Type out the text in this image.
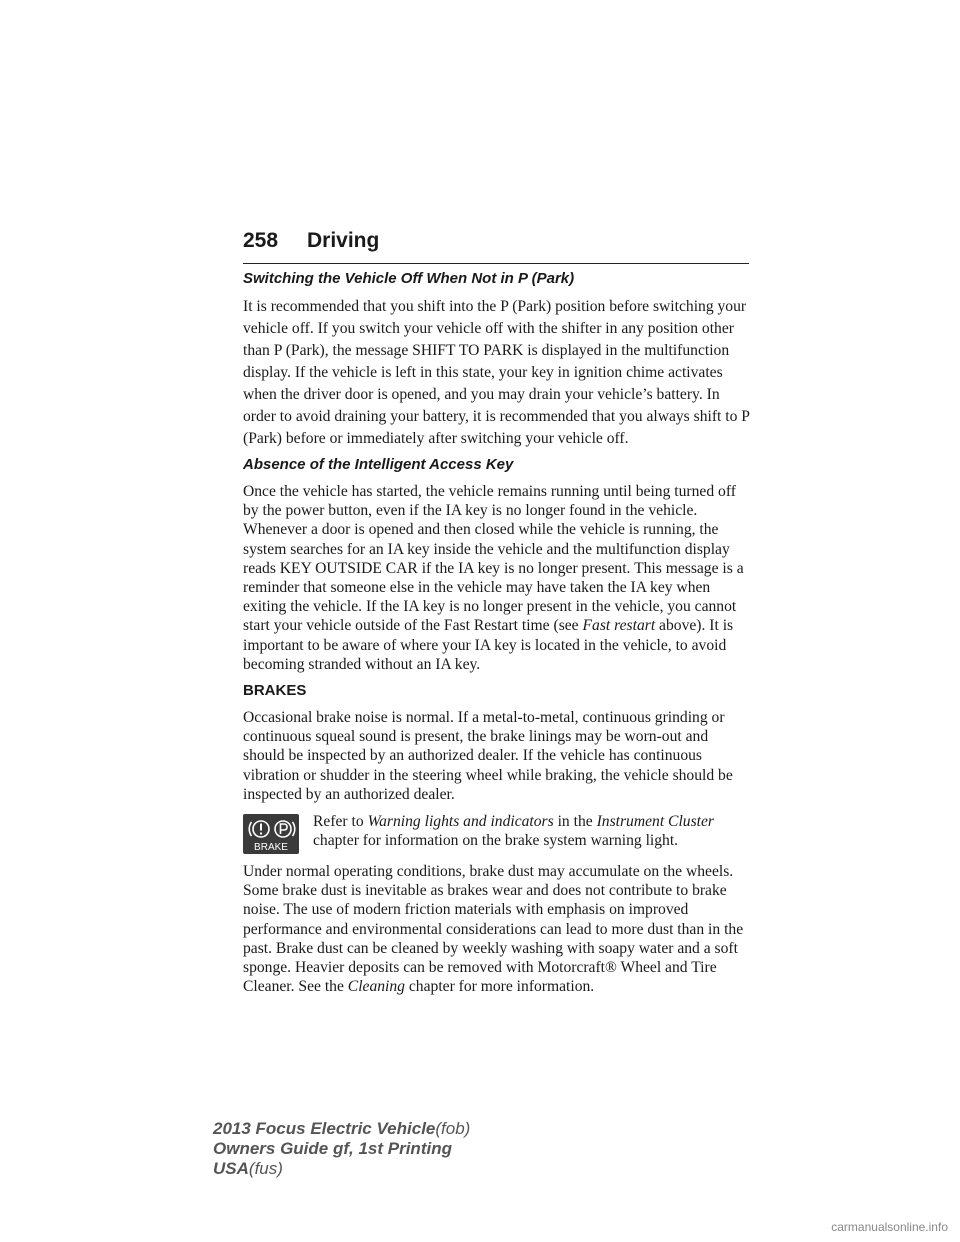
258 Driving
Switching the Vehicle Off When Not in P (Park)

It is recommended that you shift into the P (Park) position before switching your vehicle off. If you switch your vehicle off with the shifter in any position other than P (Park), the message SHIFT TO PARK is displayed in the multifunction display. If the vehicle is left in this state, your key in ignition chime activates when the driver door is opened, and you may drain your vehicle’s battery. In order to avoid draining your battery, it is recommended that you always shift to P (Park) before or immediately after switching your vehicle off.

Absence of the Intelligent Access Key

Once the vehicle has started, the vehicle remains running until being turned off by the power button, even if the IA key is no longer found in the vehicle. Whenever a door is opened and then closed while the vehicle is running, the system searches for an IA key inside the vehicle and the multifunction display reads KEY OUTSIDE CAR if the IA key is no longer present. This message is a reminder that someone else in the vehicle may have taken the IA key when exiting the vehicle. If the IA key is no longer present in the vehicle, you cannot start your vehicle outside of the Fast Restart time (see Fast restart above). It is important to be aware of where your IA key is located in the vehicle, to avoid becoming stranded without an IA key.

BRAKES

Occasional brake noise is normal. If a metal-to-metal, continuous grinding or continuous squeal sound is present, the brake linings may be worn-out and should be inspected by an authorized dealer. If the vehicle has continuous vibration or shudder in the steering wheel while braking, the vehicle should be inspected by an authorized dealer.

BRAKE
Refer to Warning lights and indicators in the Instrument Cluster chapter for information on the brake system warning light.

Under normal operating conditions, brake dust may accumulate on the wheels. Some brake dust is inevitable as brakes wear and does not contribute to brake noise. The use of modern friction materials with emphasis on improved performance and environmental considerations can lead to more dust than in the past. Brake dust can be cleaned by weekly washing with soapy water and a soft sponge. Heavier deposits can be removed with Motorcraft® Wheel and Tire Cleaner. See the Cleaning chapter for more information.

2013 Focus Electric Vehicle(fob)
Owners Guide gf, 1st Printing
USA(fus)
carmanualsonline.info
